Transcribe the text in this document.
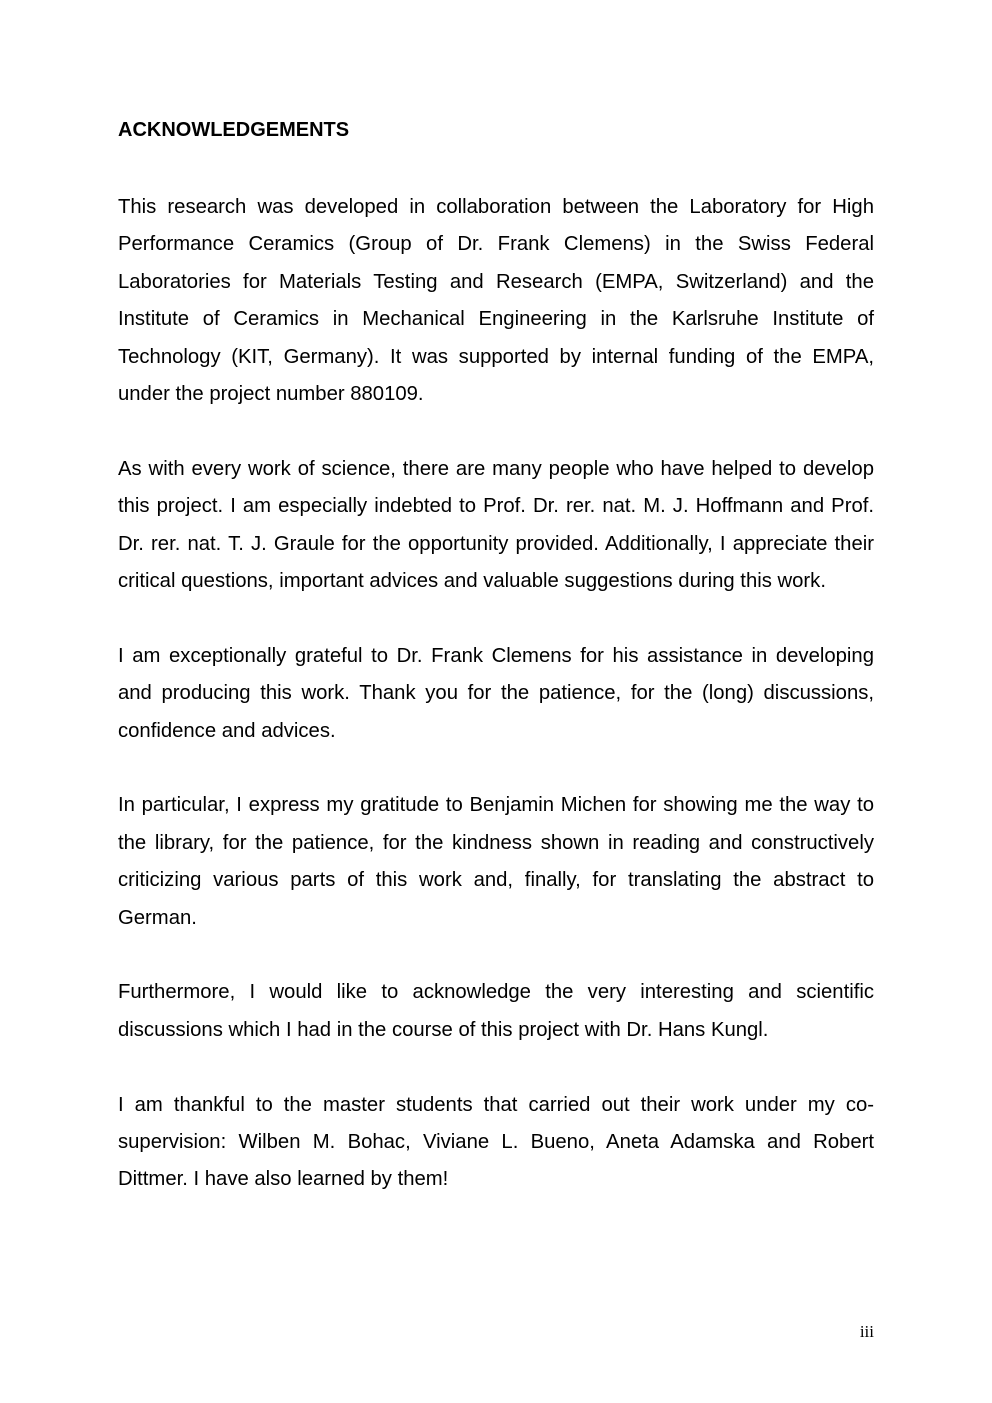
ACKNOWLEDGEMENTS

This research was developed in collaboration between the Laboratory for High Performance Ceramics (Group of Dr. Frank Clemens) in the Swiss Federal Laboratories for Materials Testing and Research (EMPA, Switzerland) and the Institute of Ceramics in Mechanical Engineering in the Karlsruhe Institute of Technology (KIT, Germany). It was supported by internal funding of the EMPA, under the project number 880109.

As with every work of science, there are many people who have helped to develop this project. I am especially indebted to Prof. Dr. rer. nat. M. J. Hoffmann and Prof. Dr. rer. nat. T. J. Graule for the opportunity provided. Additionally, I appreciate their critical questions, important advices and valuable suggestions during this work.

I am exceptionally grateful to Dr. Frank Clemens for his assistance in developing and producing this work. Thank you for the patience, for the (long) discussions, confidence and advices.

In particular, I express my gratitude to Benjamin Michen for showing me the way to the library, for the patience, for the kindness shown in reading and constructively criticizing various parts of this work and, finally, for translating the abstract to German.

Furthermore, I would like to acknowledge the very interesting and scientific discussions which I had in the course of this project with Dr. Hans Kungl.

I am thankful to the master students that carried out their work under my co-supervision: Wilben M. Bohac, Viviane L. Bueno, Aneta Adamska and Robert Dittmer. I have also learned by them!

iii
